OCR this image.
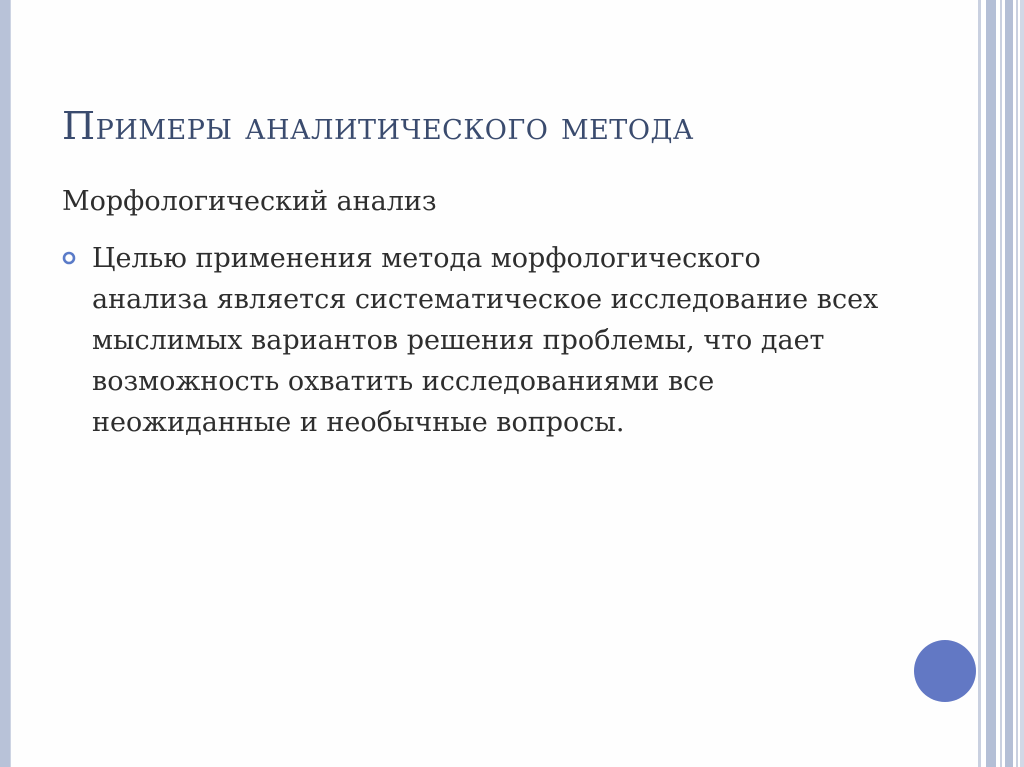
Примеры аналитического метода

Морфологический анализ

Целью применения метода морфологического анализа является систематическое исследование всех мыслимых вариантов решения проблемы, что дает возможность охватить исследованиями все неожиданные и необычные вопросы.
